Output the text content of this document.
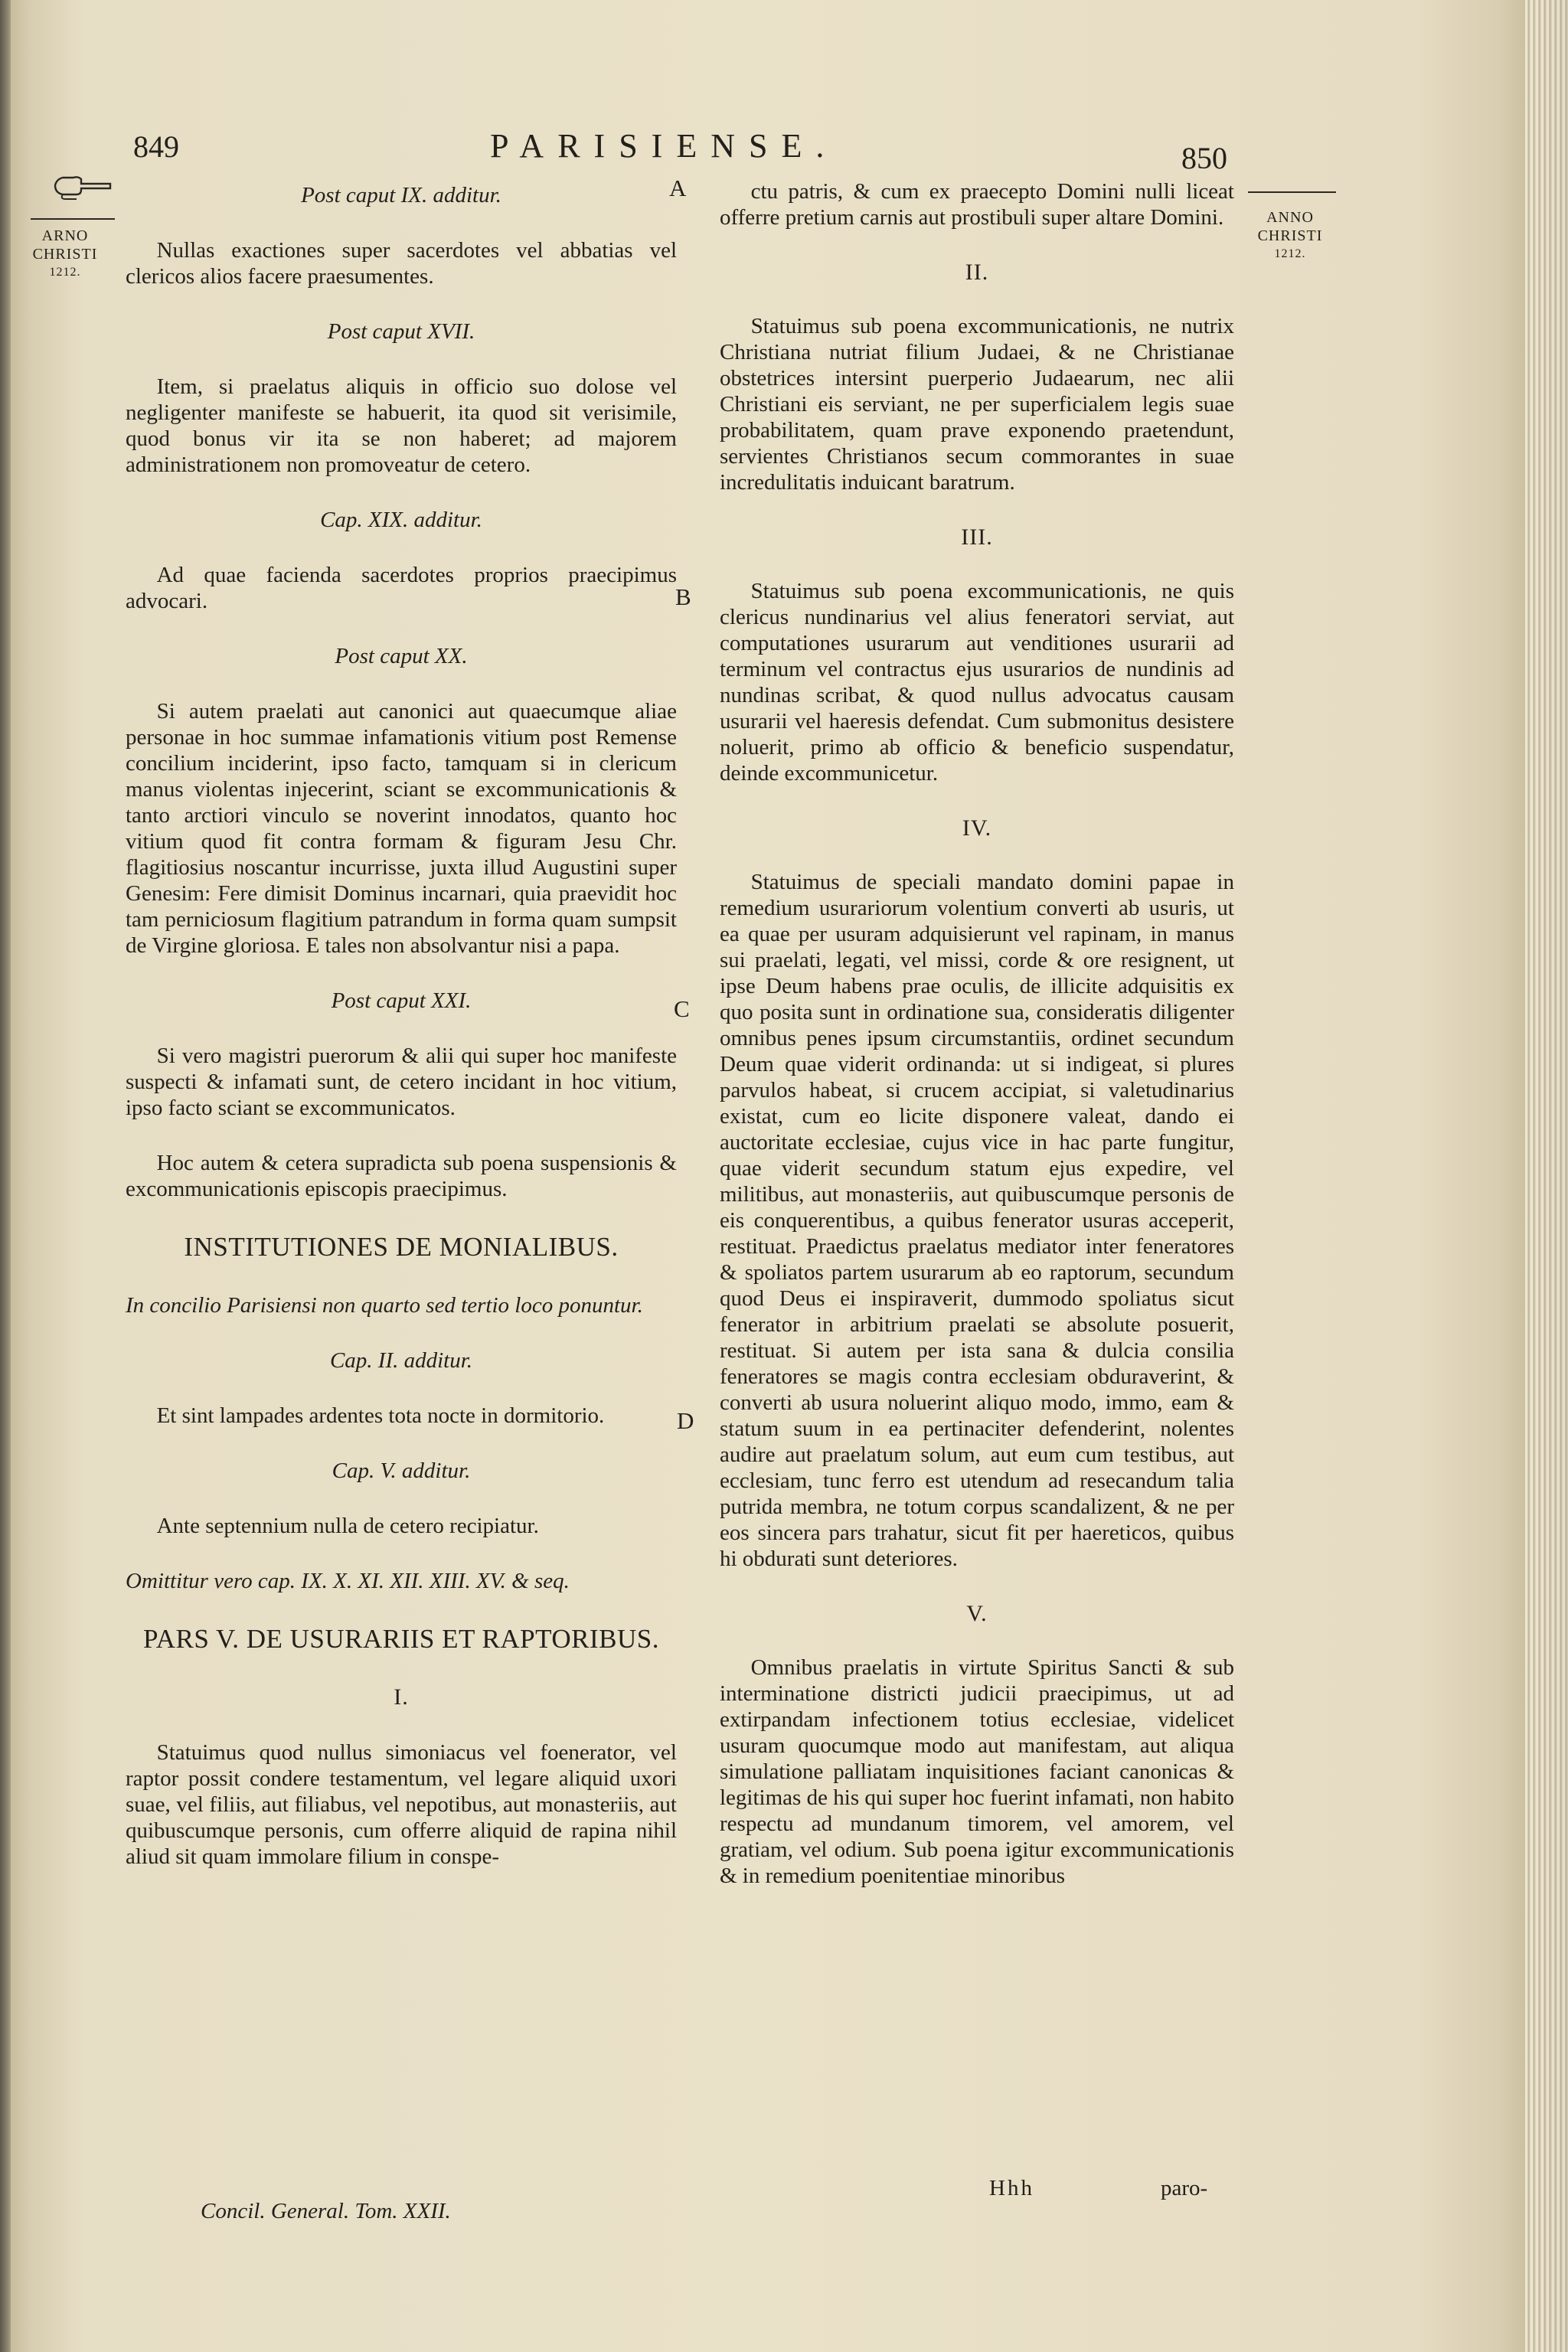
849	PARISIENSE.	850
ARNO
CHRISTI
1212.
ANNO
CHRISTI
1212.
A
B
C
D

Post caput IX. additur.

Nullas exactiones super sacerdotes vel abbatias vel clericos alios facere praesumentes.

Post caput XVII.

Item, si praelatus aliquis in officio suo dolose vel negligenter manifeste se habuerit, ita quod sit verisimile, quod bonus vir ita se non haberet; ad majorem administrationem non promoveatur de cetero.

Cap. XIX. additur.

Ad quae facienda sacerdotes proprios praecipimus advocari.

Post caput XX.

Si autem praelati aut canonici aut quaecumque aliae personae in hoc summae infamationis vitium post Remense concilium inciderint, ipso facto, tamquam si in clericum manus violentas injecerint, sciant se excommunicationis & tanto arctiori vinculo se noverint innodatos, quanto hoc vitium quod fit contra formam & figuram Jesu Chr. flagitiosius noscantur incurrisse, juxta illud Augustini super Genesim: Fere dimisit Dominus incarnari, quia praevidit hoc tam perniciosum flagitium patrandum in forma quam sumpsit de Virgine gloriosa. E tales non absolvantur nisi a papa.

Post caput XXI.

Si vero magistri puerorum & alii qui super hoc manifeste suspecti & infamati sunt, de cetero incidant in hoc vitium, ipso facto sciant se excommunicatos.

Hoc autem & cetera supradicta sub poena suspensionis & excommunicationis episcopis praecipimus.

INSTITUTIONES DE MONIALIBUS.

In concilio Parisiensi non quarto sed tertio loco ponuntur.

Cap. II. additur.

Et sint lampades ardentes tota nocte in dormitorio.

Cap. V. additur.

Ante septennium nulla de cetero recipiatur.

Omittitur vero cap. IX. X. XI. XII. XIII. XV. & seq.

PARS V. DE USURARIIS ET RAPTORIBUS.

I.

Statuimus quod nullus simoniacus vel foenerator, vel raptor possit condere testamentum, vel legare aliquid uxori suae, vel filiis, aut filiabus, vel nepotibus, aut monasteriis, aut quibuscumque personis, cum offerre aliquid de rapina nihil aliud sit quam immolare filium in conspe-

ctu patris, & cum ex praecepto Domini nulli liceat offerre pretium carnis aut prostibuli super altare Domini.

II.

Statuimus sub poena excommunicationis, ne nutrix Christiana nutriat filium Judaei, & ne Christianae obstetrices intersint puerperio Judaearum, nec alii Christiani eis serviant, ne per superficialem legis suae probabilitatem, quam prave exponendo praetendunt, servientes Christianos secum commorantes in suae incredulitatis induicant baratrum.

III.

Statuimus sub poena excommunicationis, ne quis clericus nundinarius vel alius feneratori serviat, aut computationes usurarum aut venditiones usurarii ad terminum vel contractus ejus usurarios de nundinis ad nundinas scribat, & quod nullus advocatus causam usurarii vel haeresis defendat. Cum submonitus desistere noluerit, primo ab officio & beneficio suspendatur, deinde excommunicetur.

IV.

Statuimus de speciali mandato domini papae in remedium usurariorum volentium converti ab usuris, ut ea quae per usuram adquisierunt vel rapinam, in manus sui praelati, legati, vel missi, corde & ore resignent, ut ipse Deum habens prae oculis, de illicite adquisitis ex quo posita sunt in ordinatione sua, consideratis diligenter omnibus penes ipsum circumstantiis, ordinet secundum Deum quae viderit ordinanda: ut si indigeat, si plures parvulos habeat, si crucem accipiat, si valetudinarius existat, cum eo licite disponere valeat, dando ei auctoritate ecclesiae, cujus vice in hac parte fungitur, quae viderit secundum statum ejus expedire, vel militibus, aut monasteriis, aut quibuscumque personis de eis conquerentibus, a quibus fenerator usuras acceperit, restituat. Praedictus praelatus mediator inter feneratores & spoliatos partem usurarum ab eo raptorum, secundum quod Deus ei inspiraverit, dummodo spoliatus sicut fenerator in arbitrium praelati se absolute posuerit, restituat. Si autem per ista sana & dulcia consilia feneratores se magis contra ecclesiam obduraverint, & converti ab usura noluerint aliquo modo, immo, eam & statum suum in ea pertinaciter defenderint, nolentes audire aut praelatum solum, aut eum cum testibus, aut ecclesiam, tunc ferro est utendum ad resecandum talia putrida membra, ne totum corpus scandalizent, & ne per eos sincera pars trahatur, sicut fit per haereticos, quibus hi obdurati sunt deteriores.

V.

Omnibus praelatis in virtute Spiritus Sancti & sub interminatione districti judicii praecipimus, ut ad extirpandam infectionem totius ecclesiae, videlicet usuram quocumque modo aut manifestam, aut aliqua simulatione palliatam inquisitiones faciant canonicas & legitimas de his qui super hoc fuerint infamati, non habito respectu ad mundanum timorem, vel amorem, vel gratiam, vel odium. Sub poena igitur excommunicationis & in remedium poenitentiae minoribus

Concil. General. Tom. XXII.
Hhh	paro-
